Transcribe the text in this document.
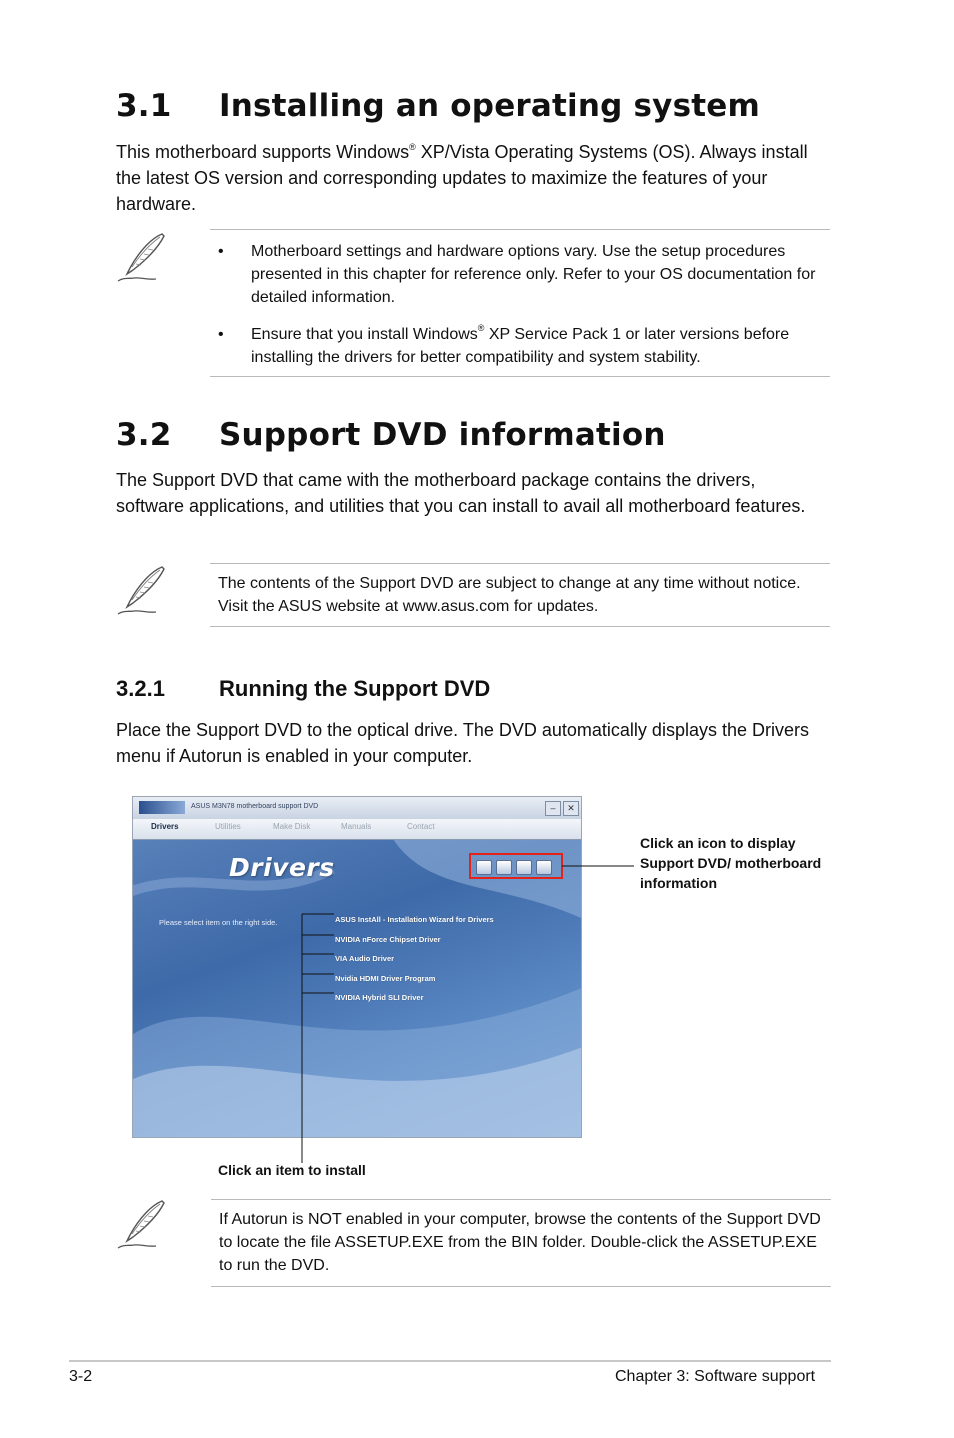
3.1 Installing an operating system

This motherboard supports Windows® XP/Vista Operating Systems (OS). Always install the latest OS version and corresponding updates to maximize the features of your hardware.

• Motherboard settings and hardware options vary. Use the setup procedures presented in this chapter for reference only. Refer to your OS documentation for detailed information.
• Ensure that you install Windows® XP Service Pack 1 or later versions before installing the drivers for better compatibility and system stability.
3.2 Support DVD information

The Support DVD that came with the motherboard package contains the drivers, software applications, and utilities that you can install to avail all motherboard features.

The contents of the Support DVD are subject to change at any time without notice. Visit the ASUS website at www.asus.com for updates.
3.2.1 Running the Support DVD

Place the Support DVD to the optical drive. The DVD automatically displays the Drivers menu if Autorun is enabled in your computer.

ASUS M3N78 motherboard support DVD	–	✕
Drivers	Utilities	Make Disk	Manuals	Contact
Drivers
Please select item on the right side.	ASUS InstAll - Installation Wizard for Drivers
NVIDIA nForce Chipset Driver
VIA Audio Driver
Nvidia HDMI Driver Program
NVIDIA Hybrid SLI Driver
Click an icon to display Support DVD/ motherboard information
Click an item to install
If Autorun is NOT enabled in your computer, browse the contents of the Support DVD to locate the file ASSETUP.EXE from the BIN folder. Double-click the ASSETUP.EXE to run the DVD.
3-2	Chapter 3: Software support
